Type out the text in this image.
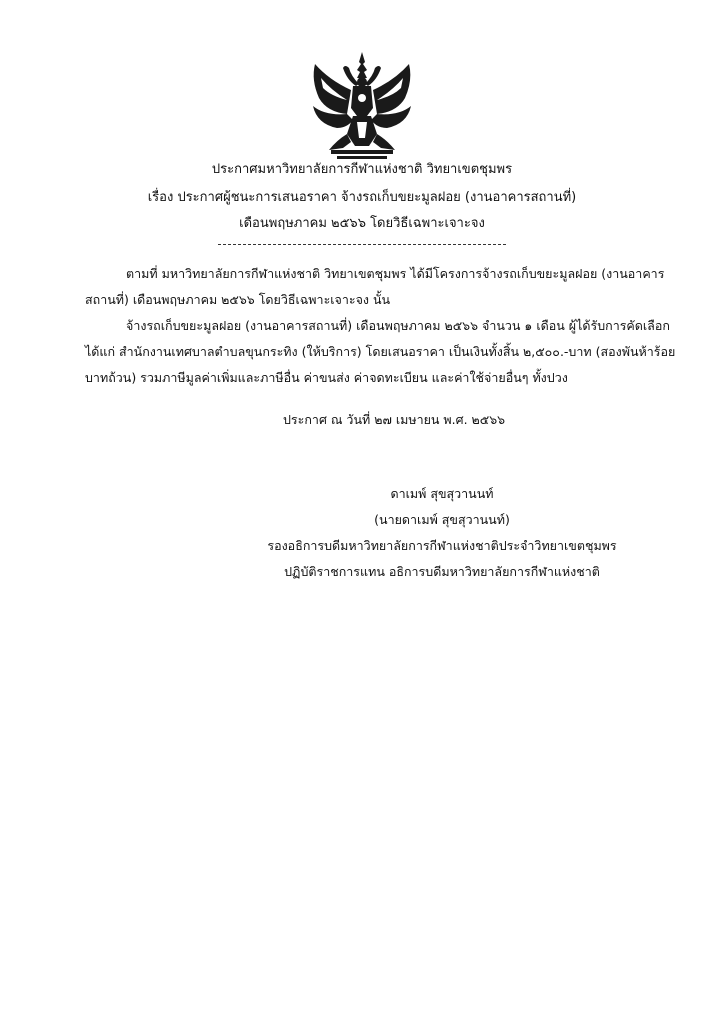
ประกาศมหาวิทยาลัยการกีฬาแห่งชาติ วิทยาเขตชุมพร
เรื่อง ประกาศผู้ชนะการเสนอราคา จ้างรถเก็บขยะมูลฝอย (งานอาคารสถานที่)
เดือนพฤษภาคม ๒๕๖๖ โดยวิธีเฉพาะเจาะจง
ตามที่ มหาวิทยาลัยการกีฬาแห่งชาติ วิทยาเขตชุมพร ได้มีโครงการจ้างรถเก็บขยะมูลฝอย (งานอาคาร
สถานที่) เดือนพฤษภาคม ๒๕๖๖ โดยวิธีเฉพาะเจาะจง นั้น
จ้างรถเก็บขยะมูลฝอย (งานอาคารสถานที่) เดือนพฤษภาคม ๒๕๖๖ จำนวน ๑ เดือน ผู้ได้รับการคัดเลือก
ได้แก่ สำนักงานเทศบาลตำบลขุนกระทิง (ให้บริการ) โดยเสนอราคา เป็นเงินทั้งสิ้น ๒,๕๐๐.-บาท (สองพันห้าร้อย
บาทถ้วน) รวมภาษีมูลค่าเพิ่มและภาษีอื่น ค่าขนส่ง ค่าจดทะเบียน และค่าใช้จ่ายอื่นๆ ทั้งปวง
ประกาศ ณ วันที่ ๒๗ เมษายน พ.ศ. ๒๕๖๖
ดาเมพ์ สุขสุวานนท์
(นายดาเมพ์ สุขสุวานนท์)
รองอธิการบดีมหาวิทยาลัยการกีฬาแห่งชาติประจำวิทยาเขตชุมพร
ปฏิบัติราชการแทน อธิการบดีมหาวิทยาลัยการกีฬาแห่งชาติ
